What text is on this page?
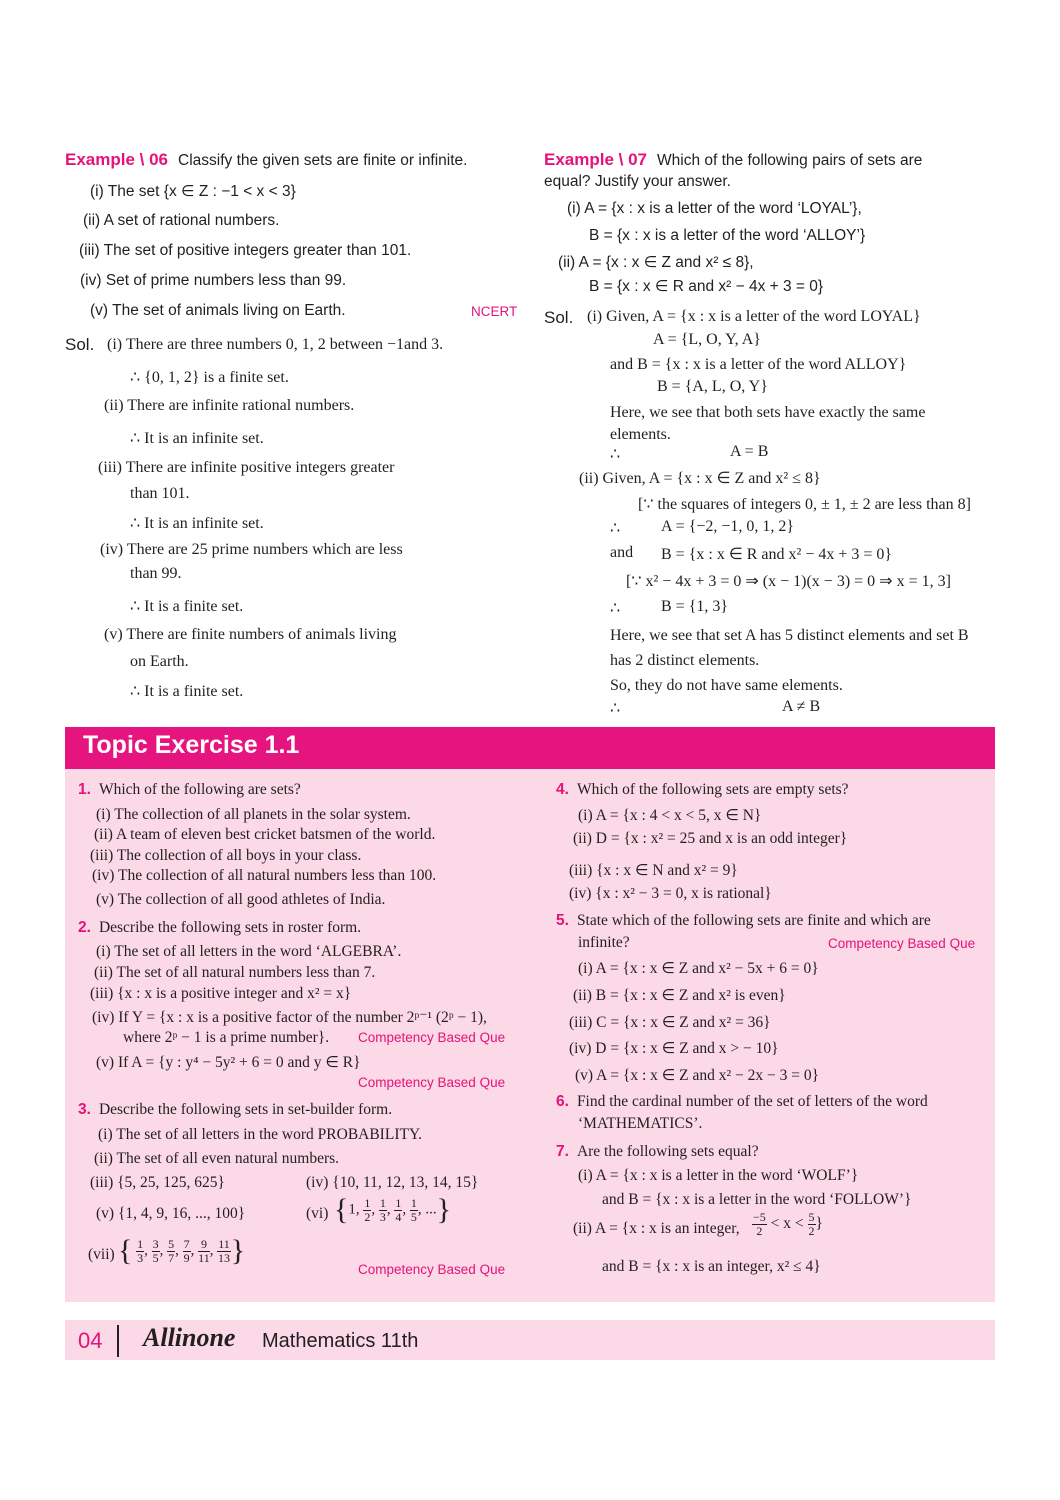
Example \ 06 Classify the given sets are finite or infinite.
(i) The set {x ∈ Z : −1 < x < 3}
(ii) A set of rational numbers.
(iii) The set of positive integers greater than 101.
(iv) Set of prime numbers less than 99.
(v) The set of animals living on Earth.	NCERT
Sol. (i) There are three numbers 0, 1, 2 between −1and 3.
∴ {0, 1, 2} is a finite set.
(ii) There are infinite rational numbers.
∴ It is an infinite set.
(iii) There are infinite positive integers greater
than 101.
∴ It is an infinite set.
(iv) There are 25 prime numbers which are less
than 99.
∴ It is a finite set.
(v) There are finite numbers of animals living
on Earth.
∴ It is a finite set.
Example \ 07 Which of the following pairs of sets are
equal? Justify your answer.
(i) A = {x : x is a letter of the word ‘LOYAL’},
B = {x : x is a letter of the word ‘ALLOY’}
(ii) A = {x : x ∈ Z and x² ≤ 8},
B = {x : x ∈ R and x² − 4x + 3 = 0}
Sol. (i) Given, A = {x : x is a letter of the word LOYAL}
A = {L, O, Y, A}
and B = {x : x is a letter of the word ALLOY}
B = {A, L, O, Y}
Here, we see that both sets have exactly the same
elements.
∴	A = B
(ii) Given, A = {x : x ∈ Z and x² ≤ 8}
[∵ the squares of integers 0, ± 1, ± 2 are less than 8]
∴	A = {−2, −1, 0, 1, 2}
and B = {x : x ∈ R and x² − 4x + 3 = 0}
[∵ x² − 4x + 3 = 0 ⇒ (x − 1)(x − 3) = 0 ⇒ x = 1, 3]
∴	B = {1, 3}
Here, we see that set A has 5 distinct elements and set B
has 2 distinct elements.
So, they do not have same elements.
∴	A ≠ B
Topic Exercise 1.1
1. Which of the following are sets?
(i) The collection of all planets in the solar system.
(ii) A team of eleven best cricket batsmen of the world.
(iii) The collection of all boys in your class.
(iv) The collection of all natural numbers less than 100.
(v) The collection of all good athletes of India.
2. Describe the following sets in roster form.
(i) The set of all letters in the word ‘ALGEBRA’.
(ii) The set of all natural numbers less than 7.
(iii) {x : x is a positive integer and x² = x}
(iv) If Y = {x : x is a positive factor of the number 2ᵖ⁻¹ (2ᵖ − 1),
where 2ᵖ − 1 is a prime number}. Competency Based Que
(v) If A = {y : y⁴ − 5y² + 6 = 0 and y ∈ R}
Competency Based Que
3. Describe the following sets in set-builder form.
(i) The set of all letters in the word PROBABILITY.
(ii) The set of all even natural numbers.
(iii) {5, 25, 125, 625}	(iv) {10, 11, 12, 13, 14, 15}
(v) {1, 4, 9, 16, ..., 100}	(vi) {1, $\frac{1}{2}$ , $\frac{1}{3}$ , $\frac{1}{4}$ , $\frac{1}{5}$ , ...}
(vii) { $\frac{1}{3}$ , $\frac{3}{5}$ , $\frac{5}{7}$ , $\frac{7}{9}$ , $\frac{9}{11}$ , $\frac{11}{13}$ }
Competency Based Que
4. Which of the following sets are empty sets?
(i) A = {x : 4 < x < 5, x ∈ N}
(ii) D = {x : x² = 25 and x is an odd integer}
(iii) {x : x ∈ N and x² = 9}
(iv) {x : x² − 3 = 0, x is rational}
5. State which of the following sets are finite and which are
infinite?	Competency Based Que
(i) A = {x : x ∈ Z and x² − 5x + 6 = 0}
(ii) B = {x : x ∈ Z and x² is even}
(iii) C = {x : x ∈ Z and x² = 36}
(iv) D = {x : x ∈ Z and x > − 10}
(v) A = {x : x ∈ Z and x² − 2x − 3 = 0}
6. Find the cardinal number of the set of letters of the word
‘MATHEMATICS’.
7. Are the following sets equal?
(i) A = {x : x is a letter in the word ‘WOLF’}
and B = {x : x is a letter in the word ‘FOLLOW’}
(ii) A = {x : x is an integer, $\frac{-5}{2} < x < \frac{5}{2}$ }
and B = {x : x is an integer, x² ≤ 4}
04 Allinone Mathematics 11th
